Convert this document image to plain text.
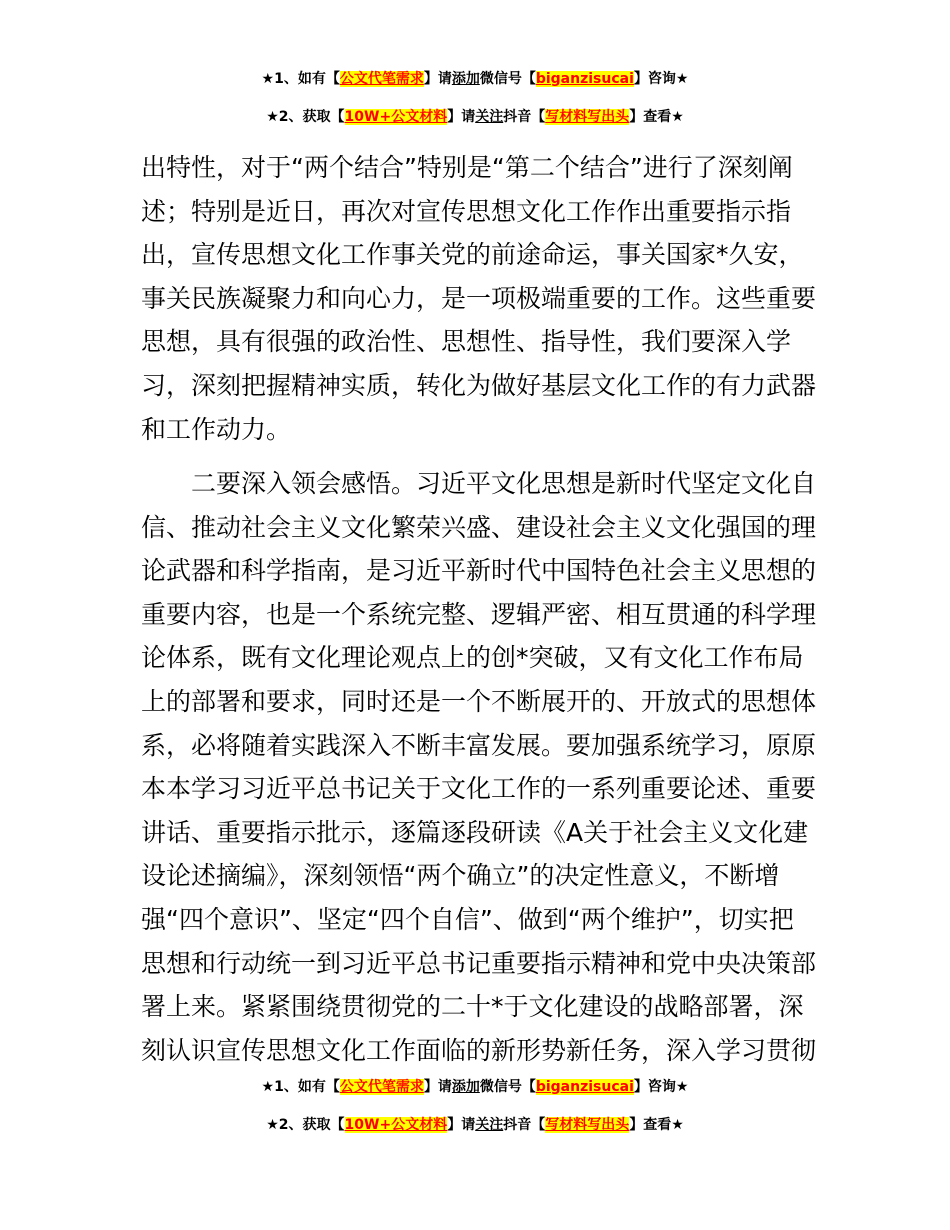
★1、如有【公文代笔需求】请添加微信号【biganzisucai】咨询★
★2、获取【10W+公文材料】请关注抖音【写材料写出头】查看★
出特性，对于“两个结合”特别是“第二个结合”进行了深刻阐
述；特别是近日，再次对宣传思想文化工作作出重要指示指
出，宣传思想文化工作事关党的前途命运，事关国家*久安，
事关民族凝聚力和向心力，是一项极端重要的工作。这些重要
思想，具有很强的政治性、思想性、指导性，我们要深入学
习，深刻把握精神实质，转化为做好基层文化工作的有力武器
和工作动力。
　　二要深入领会感悟。习近平文化思想是新时代坚定文化自
信、推动社会主义文化繁荣兴盛、建设社会主义文化强国的理
论武器和科学指南，是习近平新时代中国特色社会主义思想的
重要内容，也是一个系统完整、逻辑严密、相互贯通的科学理
论体系，既有文化理论观点上的创*突破，又有文化工作布局
上的部署和要求，同时还是一个不断展开的、开放式的思想体
系，必将随着实践深入不断丰富发展。要加强系统学习，原原
本本学习习近平总书记关于文化工作的一系列重要论述、重要
讲话、重要指示批示，逐篇逐段研读《A关于社会主义文化建
设论述摘编》，深刻领悟“两个确立”的决定性意义，不断增
强“四个意识”、坚定“四个自信”、做到“两个维护”，切实把
思想和行动统一到习近平总书记重要指示精神和党中央决策部
署上来。紧紧围绕贯彻党的二十*于文化建设的战略部署，深
刻认识宣传思想文化工作面临的新形势新任务，深入学习贯彻
★1、如有【公文代笔需求】请添加微信号【biganzisucai】咨询★
★2、获取【10W+公文材料】请关注抖音【写材料写出头】查看★
